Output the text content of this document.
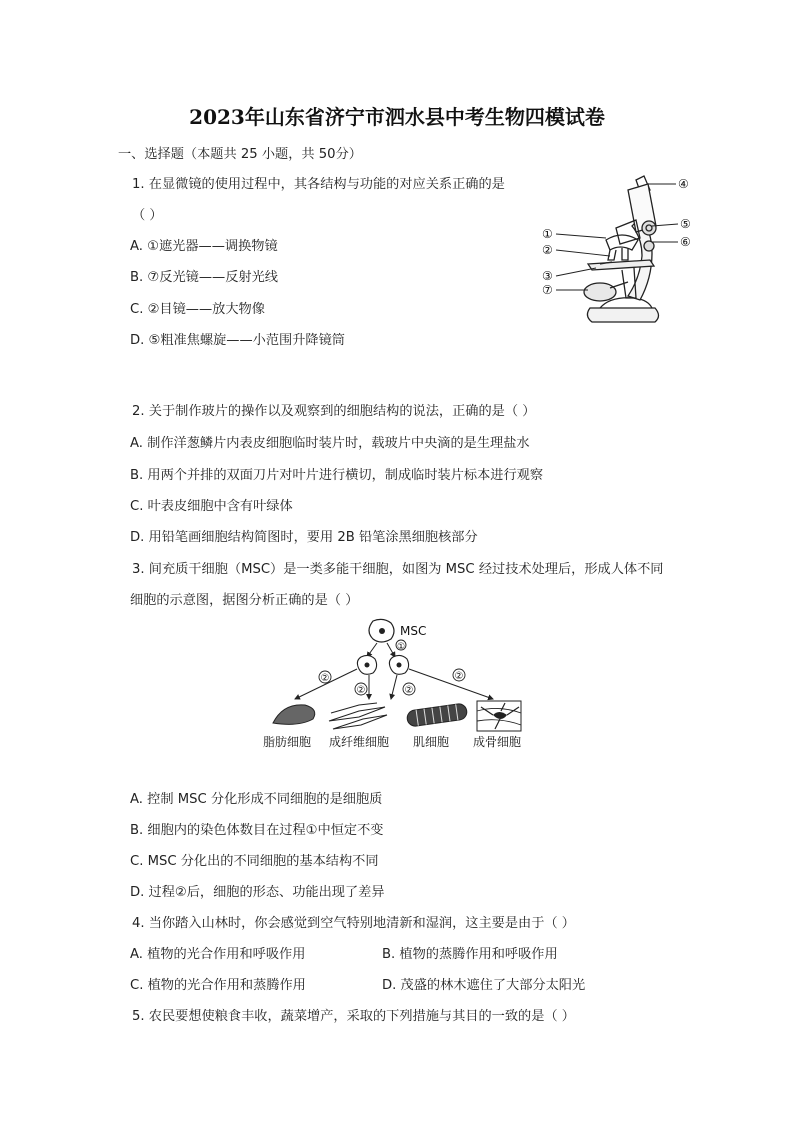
2023年山东省济宁市泗水县中考生物四模试卷
一、选择题（本题共 25 小题，共 50分）
1. 在显微镜的使用过程中，其各结构与功能的对应关系正确的是
（ ）
A. ①遮光器——调换物镜
B. ⑦反光镜——反射光线
C. ②目镜——放大物像
D. ⑤粗准焦螺旋——小范围升降镜筒
①
②
③
④
⑤
⑥
⑦
2. 关于制作玻片的操作以及观察到的细胞结构的说法，正确的是（ ）
A. 制作洋葱鳞片内表皮细胞临时装片时，载玻片中央滴的是生理盐水
B. 用两个并排的双面刀片对叶片进行横切，制成临时装片标本进行观察
C. 叶表皮细胞中含有叶绿体
D. 用铅笔画细胞结构简图时，要用 2B 铅笔涂黑细胞核部分
3. 间充质干细胞（MSC）是一类多能干细胞，如图为 MSC 经过技术处理后，形成人体不同
细胞的示意图，据图分析正确的是（ ）
MSC
①
②
②	②
②
脂肪细胞 成纤维细胞 肌细胞 成骨细胞
A. 控制 MSC 分化形成不同细胞的是细胞质
B. 细胞内的染色体数目在过程①中恒定不变
C. MSC 分化出的不同细胞的基本结构不同
D. 过程②后，细胞的形态、功能出现了差异
4. 当你踏入山林时，你会感觉到空气特别地清新和湿润，这主要是由于（ ）
A. 植物的光合作用和呼吸作用	B. 植物的蒸腾作用和呼吸作用
C. 植物的光合作用和蒸腾作用	D. 茂盛的林木遮住了大部分太阳光
5. 农民要想使粮食丰收，蔬菜增产，采取的下列措施与其目的一致的是（ ）
